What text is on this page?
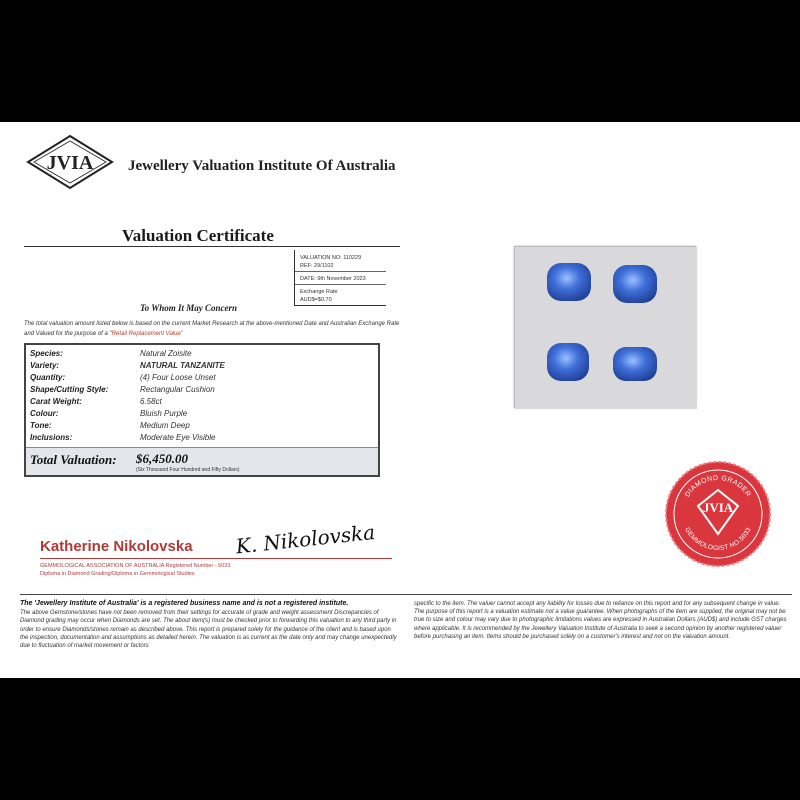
JVIA Jewellery Valuation Institute Of Australia
Valuation Certificate
VALUATION NO: 110229
REF: 29/1102
DATE: 9th November 2023
Exchange Rate
AUD$=$0.70
To Whom It May Concern
The total valuation amount listed below is based on the current Market Research at the above-mentioned Date and Australian Exchange Rate and Valued for the purpose of a "Retail Replacement Value"
Species:	Natural Zoisite
Variety:	NATURAL TANZANITE
Quantity:	(4) Four Loose Unset
Shape/Cutting Style:	Rectangular Cushion
Carat Weight:	6.58ct
Colour:	Bluish Purple
Tone:	Medium Deep
Inclusions:	Moderate Eye Visible
Total Valuation: $6,450.00
(Six Thousand Four Hundred and Fifty Dollars)
JVIA
DIAMOND GRADER
GEMMOLOGIST NO.5033
Katherine Nikolovska K. Nikolovska
GEMMOLOGICAL ASSOCIATION OF AUSTRALIA Registered Number - 5033
Diploma in Diamond Grading/Diploma in Gemmological Studies
The 'Jewellery Institute of Australia' is a registered business name and is not a registered institute.
The above Gemstone/stones have not been removed from their settings for accurate of grade and weight assessment Discrepancies of Diamond grading may occur when Diamonds are set. The about item(s) must be checked prior to forwarding this valuation to any third party in order to ensure Diamonds/stones remain as described above. This report is prepared solely for the guidance of the client and is based upon the inspection, documentation and assumptions as detailed herein. The valuation is as current as the date only and may change unexpectedly due to fluctuation of market movement or factors
specific to the item. The valuer cannot accept any liability for losses due to reliance on this report and for any subsequent change in value. The purpose of this report is a valuation estimate not a value guarantee. When photographs of the item are supplied, the original may not be true to size and colour may vary due to photographic limitations values are expressed in Australian Dollars (AUD$) and include GST charges where applicable. It is recommended by the Jewellery Valuation Institute of Australia to seek a second opinion by another registered valuer before purchasing an item. Items should be purchased solely on a customer's interest and not on the valuation amount.
